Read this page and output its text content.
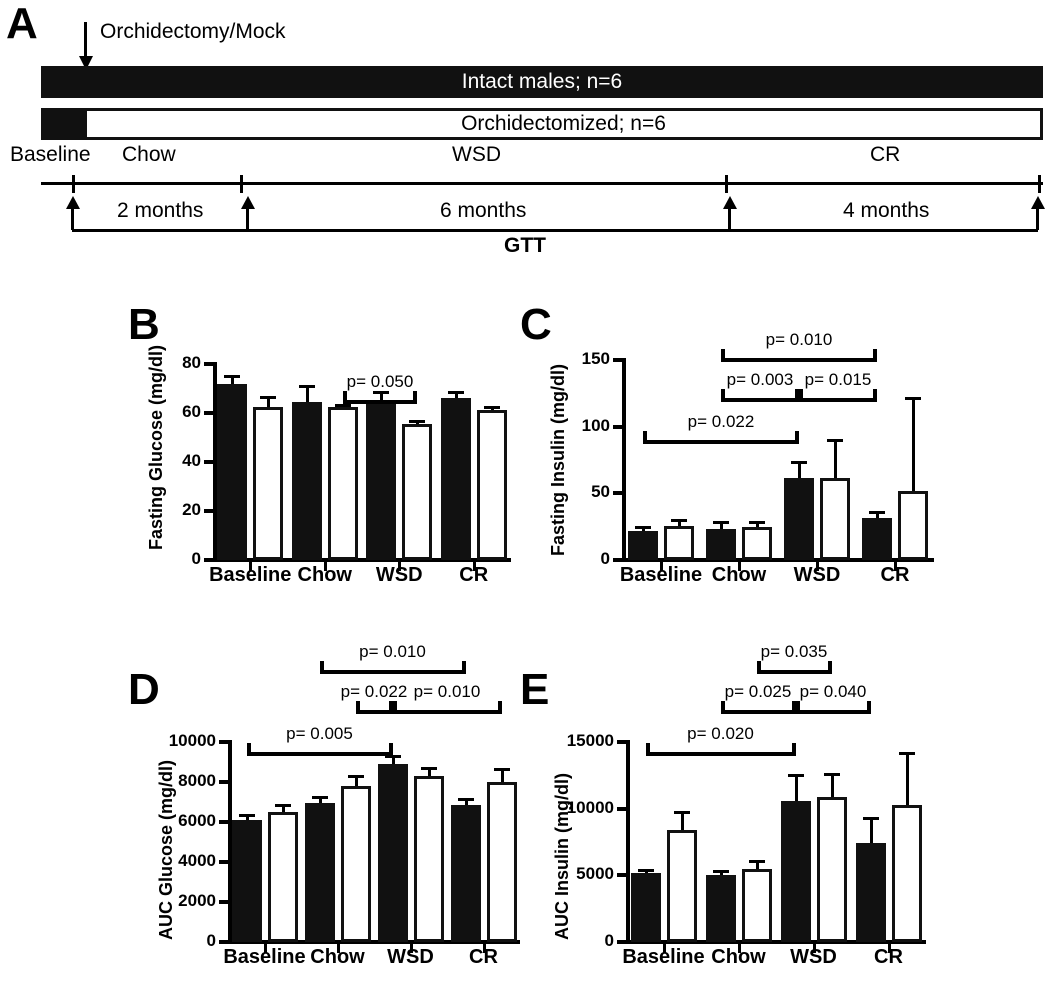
A	Orchidectomy/Mock
Intact males; n=6
Orchidectomized; n=6
Baseline Chow	WSD	CR
2 months	6 months	4 months
GTT
B
0
20
40
60
80
Fasting Glucose (mg/dl)
Baseline Chow	WSD	CR
p= 0.050
C
0
50
100
150
Fasting Insulin (mg/dl)
Baseline Chow	WSD	CR
p= 0.010
p= 0.003 p= 0.015
p= 0.022
D
0
2000
4000
6000
8000
10000
AUC Glucose (mg/dl)
Baseline Chow	WSD	CR
p= 0.010
p= 0.022 p= 0.010
p= 0.005
E
0
5000
10000
15000
AUC Insulin (mg/dl)
Baseline Chow	WSD	CR
p= 0.035
p= 0.025 p= 0.040
p= 0.020
